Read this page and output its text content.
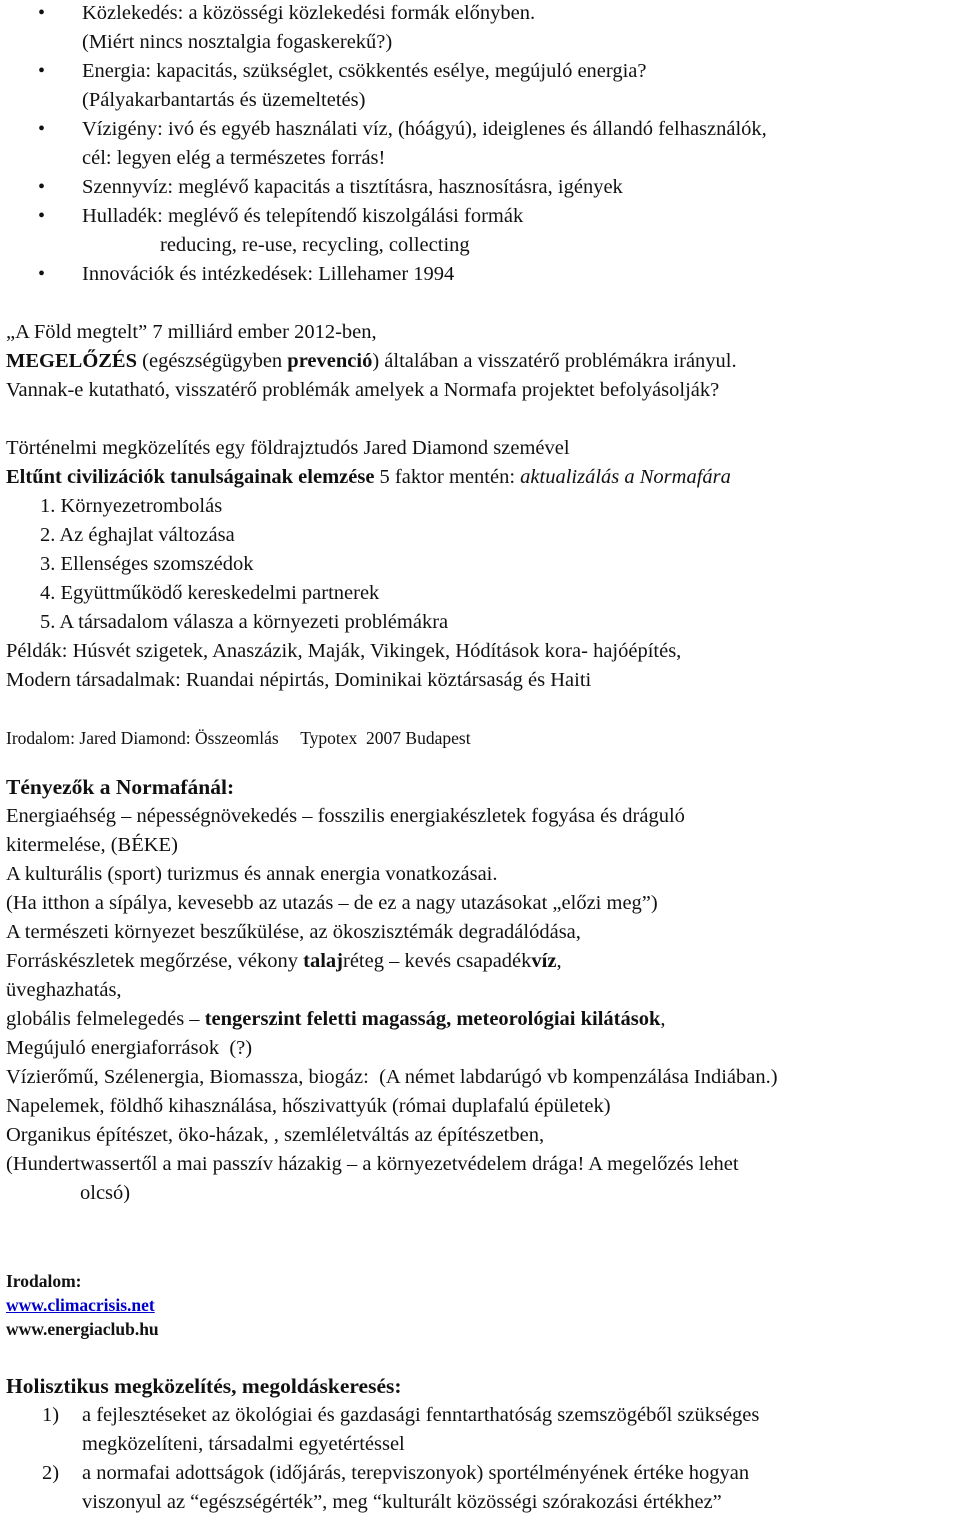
• Közlekedés: a közösségi közlekedési formák előnyben.
(Miért nincs nosztalgia fogaskerekű?)
• Energia: kapacitás, szükséglet, csökkentés esélye, megújuló energia?
(Pályakarbantartás és üzemeltetés)
• Vízigény: ivó és egyéb használati víz, (hóágyú), ideiglenes és állandó felhasználók,
cél: legyen elég a természetes forrás!
• Szennyvíz: meglévő kapacitás a tisztításra, hasznosításra, igények
• Hulladék: meglévő és telepítendő kiszolgálási formák
reducing, re-use, recycling, collecting
• Innovációk és intézkedések: Lillehamer 1994
„A Föld megtelt” 7 milliárd ember 2012-ben,
MEGELŐZÉS (egészségügyben prevenció) általában a visszatérő problémákra irányul.
Vannak-e kutatható, visszatérő problémák amelyek a Normafa projektet befolyásolják?
Történelmi megközelítés egy földrajztudós Jared Diamond szemével
Eltűnt civilizációk tanulságainak elemzése 5 faktor mentén: aktualizálás a Normafára
1. Környezetrombolás
2. Az éghajlat változása
3. Ellenséges szomszédok
4. Együttműködő kereskedelmi partnerek
5. A társadalom válasza a környezeti problémákra
Példák: Húsvét szigetek, Anaszázik, Maják, Vikingek, Hódítások kora- hajóépítés,
Modern társadalmak: Ruandai népirtás, Dominikai köztársaság és Haiti
Irodalom: Jared Diamond: Összeomlás     Typotex  2007 Budapest
Tényezők a Normafánál:
Energiaéhség – népességnövekedés – fosszilis energiakészletek fogyása és dráguló
kitermelése, (BÉKE)
A kulturális (sport) turizmus és annak energia vonatkozásai.
(Ha itthon a sípálya, kevesebb az utazás – de ez a nagy utazásokat „előzi meg”)
A természeti környezet beszűkülése, az ökoszisztémák degradálódása,
Forráskészletek megőrzése, vékony talajréteg – kevés csapadékvíz,
üveghazhatás,
globális felmelegedés – tengerszint feletti magasság, meteorológiai kilátások,
Megújuló energiaforrások  (?)
Vízierőmű, Szélenergia, Biomassza, biogáz:  (A német labdarúgó vb kompenzálása Indiában.)
Napelemek, földhő kihasználása, hőszivattyúk (római duplafalú épületek)
Organikus építészet, öko-házak, , szemléletváltás az építészetben,
(Hundertwassertől a mai passzív házakig – a környezetvédelem drága! A megelőzés lehet
olcsó)
Irodalom:
www.climacrisis.net
www.energiaclub.hu
Holisztikus megközelítés, megoldáskeresés:
1) a fejlesztéseket az ökológiai és gazdasági fenntarthatóság szemszögéből szükséges
megközelíteni, társadalmi egyetértéssel
2) a normafai adottságok (időjárás, terepviszonyok) sportélményének értéke hogyan
viszonyul az “egészségérték”, meg “kulturált közösségi szórakozási értékhez”
